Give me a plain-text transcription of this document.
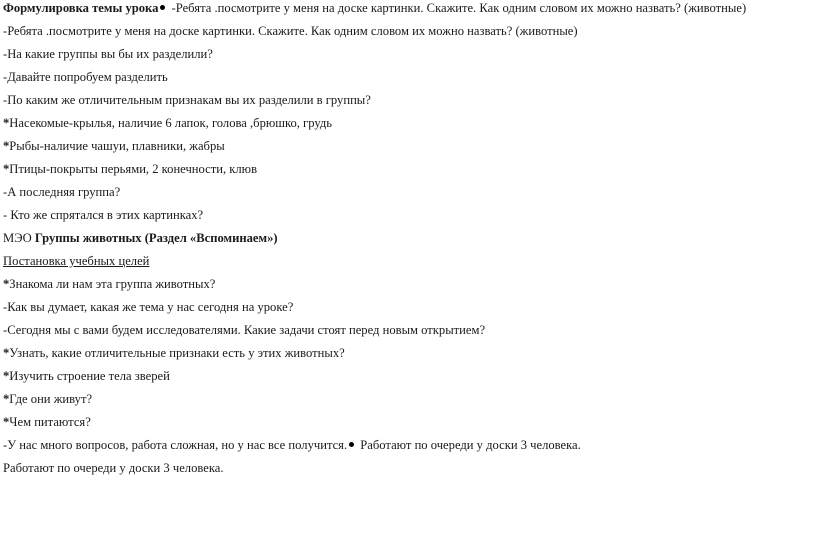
Формулировка темы урока -Ребята .посмотрите у меня на доске картинки. Скажите. Как одним словом их можно назвать? (животные)
-Ребята .посмотрите у меня на доске картинки. Скажите. Как одним словом их можно назвать? (животные)
-На какие группы вы бы их разделили?
-Давайте попробуем разделить
-По каким же отличительным признакам вы их разделили в группы?
*Насекомые-крылья, наличие 6 лапок, голова ,брюшко, грудь
*Рыбы-наличие чашуи, плавники, жабры
*Птицы-покрыты перьями, 2 конечности, клюв
-А последняя группа?
- Кто же спрятался в этих картинках?
МЭО Группы животных (Раздел «Вспоминаем»)
Постановка учебных целей
*Знакома ли нам эта группа животных?
-Как вы думает, какая же тема у нас сегодня на уроке?
-Сегодня мы с вами будем исследователями. Какие задачи стоят перед новым открытием?
*Узнать, какие отличительные признаки есть у этих животных?
*Изучить строение тела зверей
*Где они живут?
*Чем питаются?
-У нас много вопросов, работа сложная, но у нас все получится. Работают по очереди у доски 3 человека.
Работают по очереди у доски 3 человека.
